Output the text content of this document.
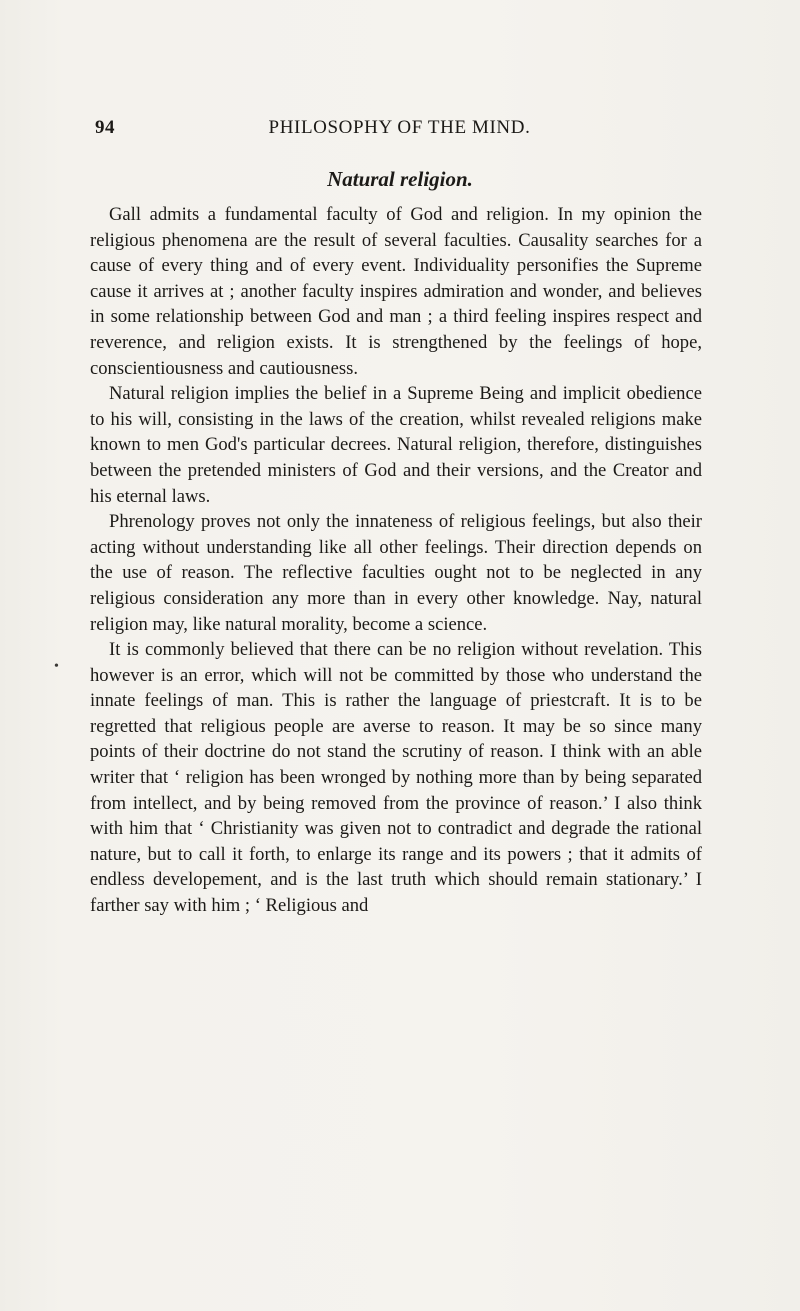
94	PHILOSOPHY OF THE MIND.
Natural religion.
•

Gall admits a fundamental faculty of God and religion. In my opinion the religious phenomena are the result of several faculties. Causality searches for a cause of every thing and of every event. Individuality personifies the Supreme cause it arrives at ; another faculty inspires admiration and wonder, and believes in some relationship between God and man ; a third feeling inspires respect and reverence, and religion exists. It is strengthened by the feelings of hope, conscientiousness and cautiousness.

Natural religion implies the belief in a Supreme Being and implicit obedience to his will, consisting in the laws of the creation, whilst revealed religions make known to men God's particular decrees. Natural religion, therefore, distinguishes between the pretended ministers of God and their versions, and the Creator and his eternal laws.

Phrenology proves not only the innateness of religious feelings, but also their acting without understanding like all other feelings. Their direction depends on the use of reason. The reflective faculties ought not to be neglected in any religious consideration any more than in every other knowledge. Nay, natural religion may, like natural morality, become a science.

It is commonly believed that there can be no religion without revelation. This however is an error, which will not be committed by those who understand the innate feelings of man. This is rather the language of priestcraft. It is to be regretted that religious people are averse to reason. It may be so since many points of their doctrine do not stand the scrutiny of reason. I think with an able writer that ‘ religion has been wronged by nothing more than by being separated from intellect, and by being removed from the province of reason.’ I also think with him that ‘ Christianity was given not to contradict and degrade the rational nature, but to call it forth, to enlarge its range and its powers ; that it admits of endless developement, and is the last truth which should remain stationary.’ I farther say with him ; ‘ Religious and
